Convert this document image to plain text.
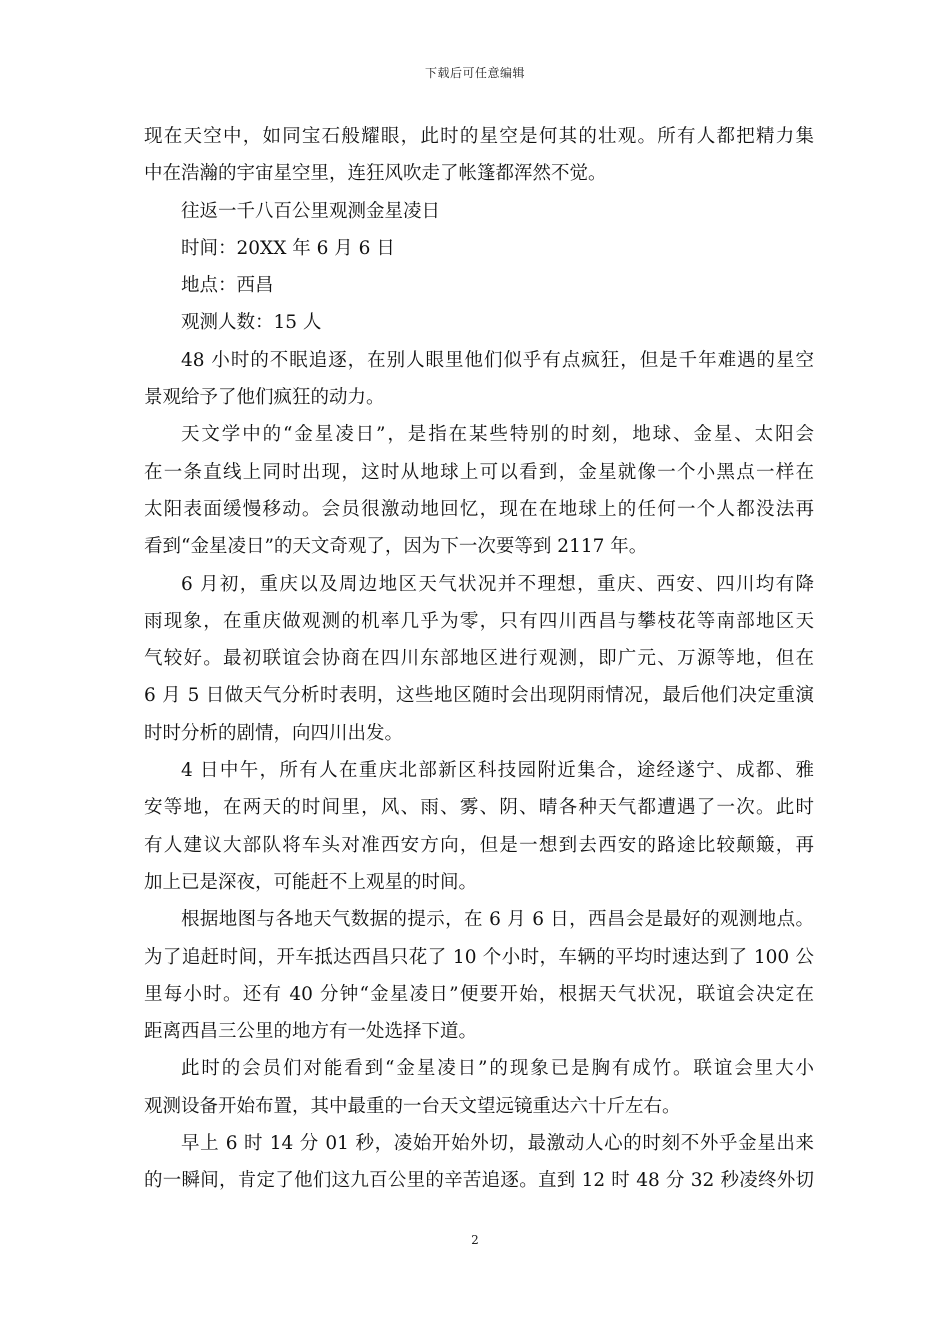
下载后可任意编辑
现在天空中，如同宝石般耀眼，此时的星空是何其的壮观。所有人都把精力集
中在浩瀚的宇宙星空里，连狂风吹走了帐篷都浑然不觉。
往返一千八百公里观测金星凌日
时间：20XX 年 6 月 6 日
地点：西昌
观测人数：15 人
48 小时的不眠追逐，在别人眼里他们似乎有点疯狂，但是千年难遇的星空
景观给予了他们疯狂的动力。
天文学中的“金星凌日”，是指在某些特别的时刻，地球、金星、太阳会
在一条直线上同时出现，这时从地球上可以看到，金星就像一个小黑点一样在
太阳表面缓慢移动。会员很激动地回忆，现在在地球上的任何一个人都没法再
看到“金星凌日”的天文奇观了，因为下一次要等到 2117 年。
6 月初，重庆以及周边地区天气状况并不理想，重庆、西安、四川均有降
雨现象，在重庆做观测的机率几乎为零，只有四川西昌与攀枝花等南部地区天
气较好。最初联谊会协商在四川东部地区进行观测，即广元、万源等地，但在
6 月 5 日做天气分析时表明，这些地区随时会出现阴雨情况，最后他们决定重演
时时分析的剧情，向四川出发。
4 日中午，所有人在重庆北部新区科技园附近集合，途经遂宁、成都、雅
安等地，在两天的时间里，风、雨、雾、阴、晴各种天气都遭遇了一次。此时
有人建议大部队将车头对准西安方向，但是一想到去西安的路途比较颠簸，再
加上已是深夜，可能赶不上观星的时间。
根据地图与各地天气数据的提示，在 6 月 6 日，西昌会是最好的观测地点。
为了追赶时间，开车抵达西昌只花了 10 个小时，车辆的平均时速达到了 100 公
里每小时。还有 40 分钟“金星凌日”便要开始，根据天气状况，联谊会决定在
距离西昌三公里的地方有一处选择下道。
此时的会员们对能看到“金星凌日”的现象已是胸有成竹。联谊会里大小
观测设备开始布置，其中最重的一台天文望远镜重达六十斤左右。
早上 6 时 14 分 01 秒，凌始开始外切，最激动人心的时刻不外乎金星出来
的一瞬间，肯定了他们这九百公里的辛苦追逐。直到 12 时 48 分 32 秒凌终外切
2
